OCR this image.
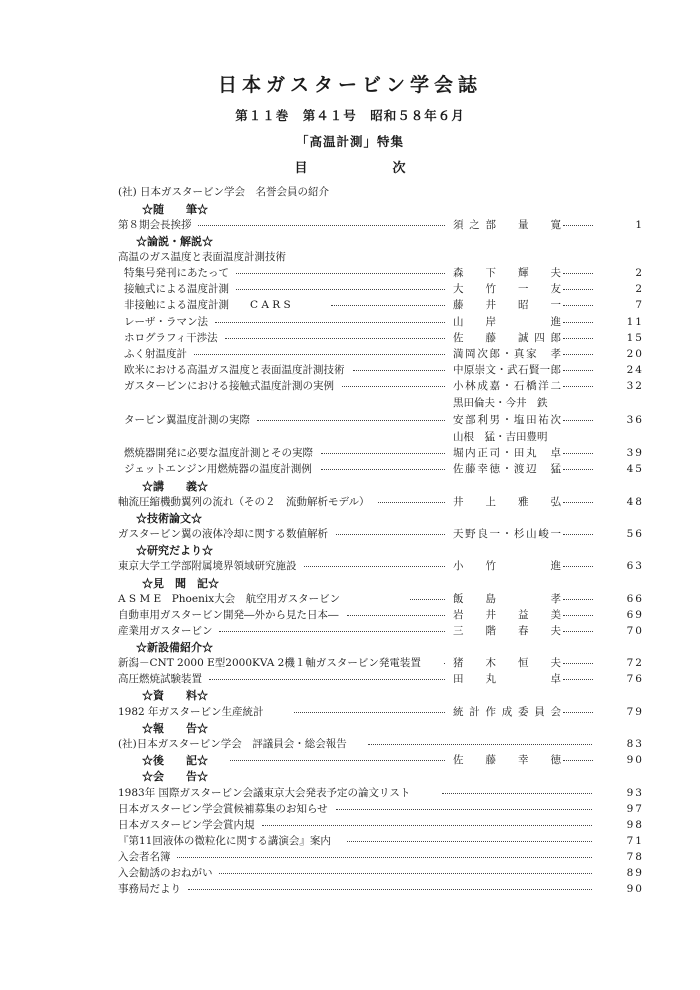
日本ガスタービン学会誌
第１１巻　第４１号　昭和５８年６月
「高温計測」特集
目　次
(社) 日本ガスタービン学会　名誉会員の紹介
☆随　　筆☆
第８期会長挨拶	須之部　量　寛	1
☆論説・解説☆
高温のガス温度と表面温度計測技術
特集号発刊にあたって	森　下　輝　夫	2
接触式による温度計測	大　竹　一　友	2
非接触による温度計測　　C A R S	藤　井　昭　一	7
レーザ・ラマン法	山　岸　　　進	11
ホログラフィ干渉法	佐　藤　誠四郎	15
ふく射温度計	満岡次郎・真家　孝	20
欧米における高温ガス温度と表面温度計測技術	中原崇文・武石賢一郎	24
ガスタービンにおける接触式温度計測の実例	小林成嘉・石橋洋二	32
黒田倫夫・今井　鉄
タービン翼温度計測の実際	安部利男・塩田祐次	36
山根　猛・吉田豊明
燃焼器開発に必要な温度計測とその実際	堀内正司・田丸　卓	39
ジェットエンジン用燃焼器の温度計測例	佐藤幸徳・渡辺　猛	45
☆講　　義☆
軸流圧縮機動翼列の流れ（その２　流動解析モデル）	井　上　雅　弘	48
☆技術論文☆
ガスタービン翼の液体冷却に関する数値解析	天野良一・杉山峻一	56
☆研究だより☆
東京大学工学部附属境界領域研究施設	小　竹　　　進	63
☆見　聞　記☆
A S M E　Phoenix大会　航空用ガスタービン	飯　島　　　孝	66
自動車用ガスタービン開発―外から見た日本―	岩　井　益　美	69
産業用ガスタービン	三　階　春　夫	70
☆新設備紹介☆
新潟－CNT 2000 E型2000KVA 2機１軸ガスタービン発電装置	猪　木　恒　夫	72
高圧燃焼試験装置	田　丸　　　卓	76
☆資　　料☆
1982 年ガスタービン生産統計	統計作成委員会	79
☆報　　告☆
(社)日本ガスタービン学会　評議員会・総会報告	83
☆後　　記☆	佐　藤　幸　徳	90
☆会　　告☆
1983年 国際ガスタービン会議東京大会発表予定の論文リスト	93
日本ガスタービン学会賞候補募集のお知らせ	97
日本ガスタービン学会賞内規	98
『第11回液体の微粒化に関する講演会』案内	71
入会者名簿	78
入会勧誘のおねがい	89
事務局だより	90
